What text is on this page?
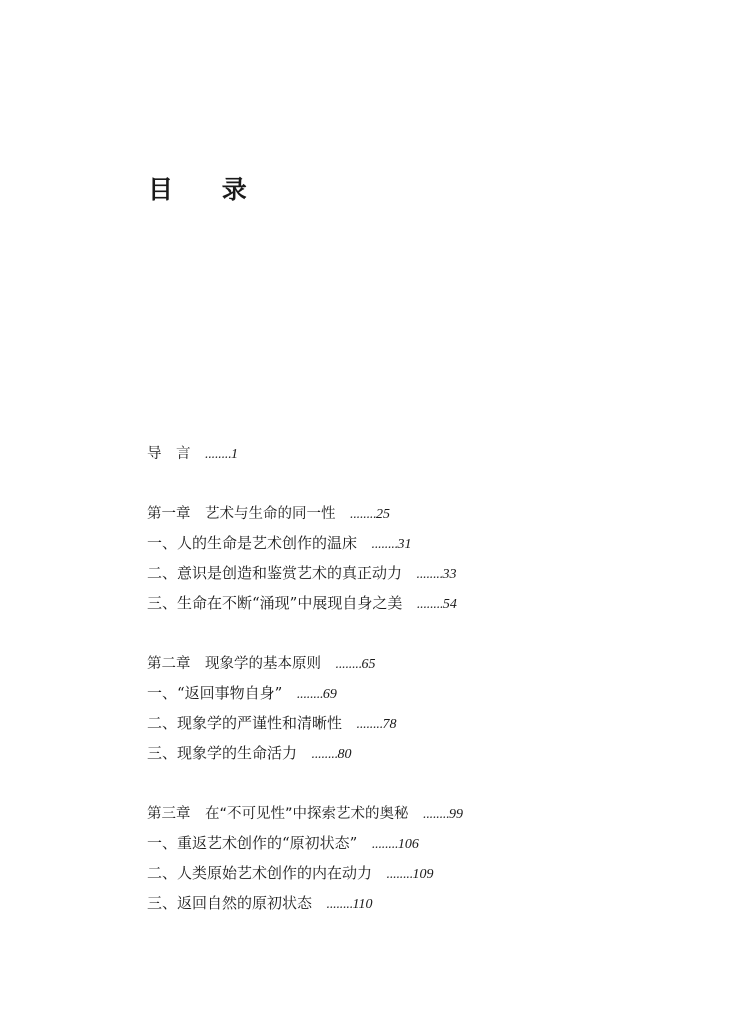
目 录
导　言 ........1
第一章　艺术与生命的同一性 ........25
一、人的生命是艺术创作的温床 ........31
二、意识是创造和鉴赏艺术的真正动力 ........33
三、生命在不断“涌现”中展现自身之美 ........54
第二章　现象学的基本原则 ........65
一、“返回事物自身” ........69
二、现象学的严谨性和清晰性 ........78
三、现象学的生命活力 ........80
第三章　在“不可见性”中探索艺术的奥秘 ........99
一、重返艺术创作的“原初状态” ........106
二、人类原始艺术创作的内在动力 ........109
三、返回自然的原初状态 ........110
